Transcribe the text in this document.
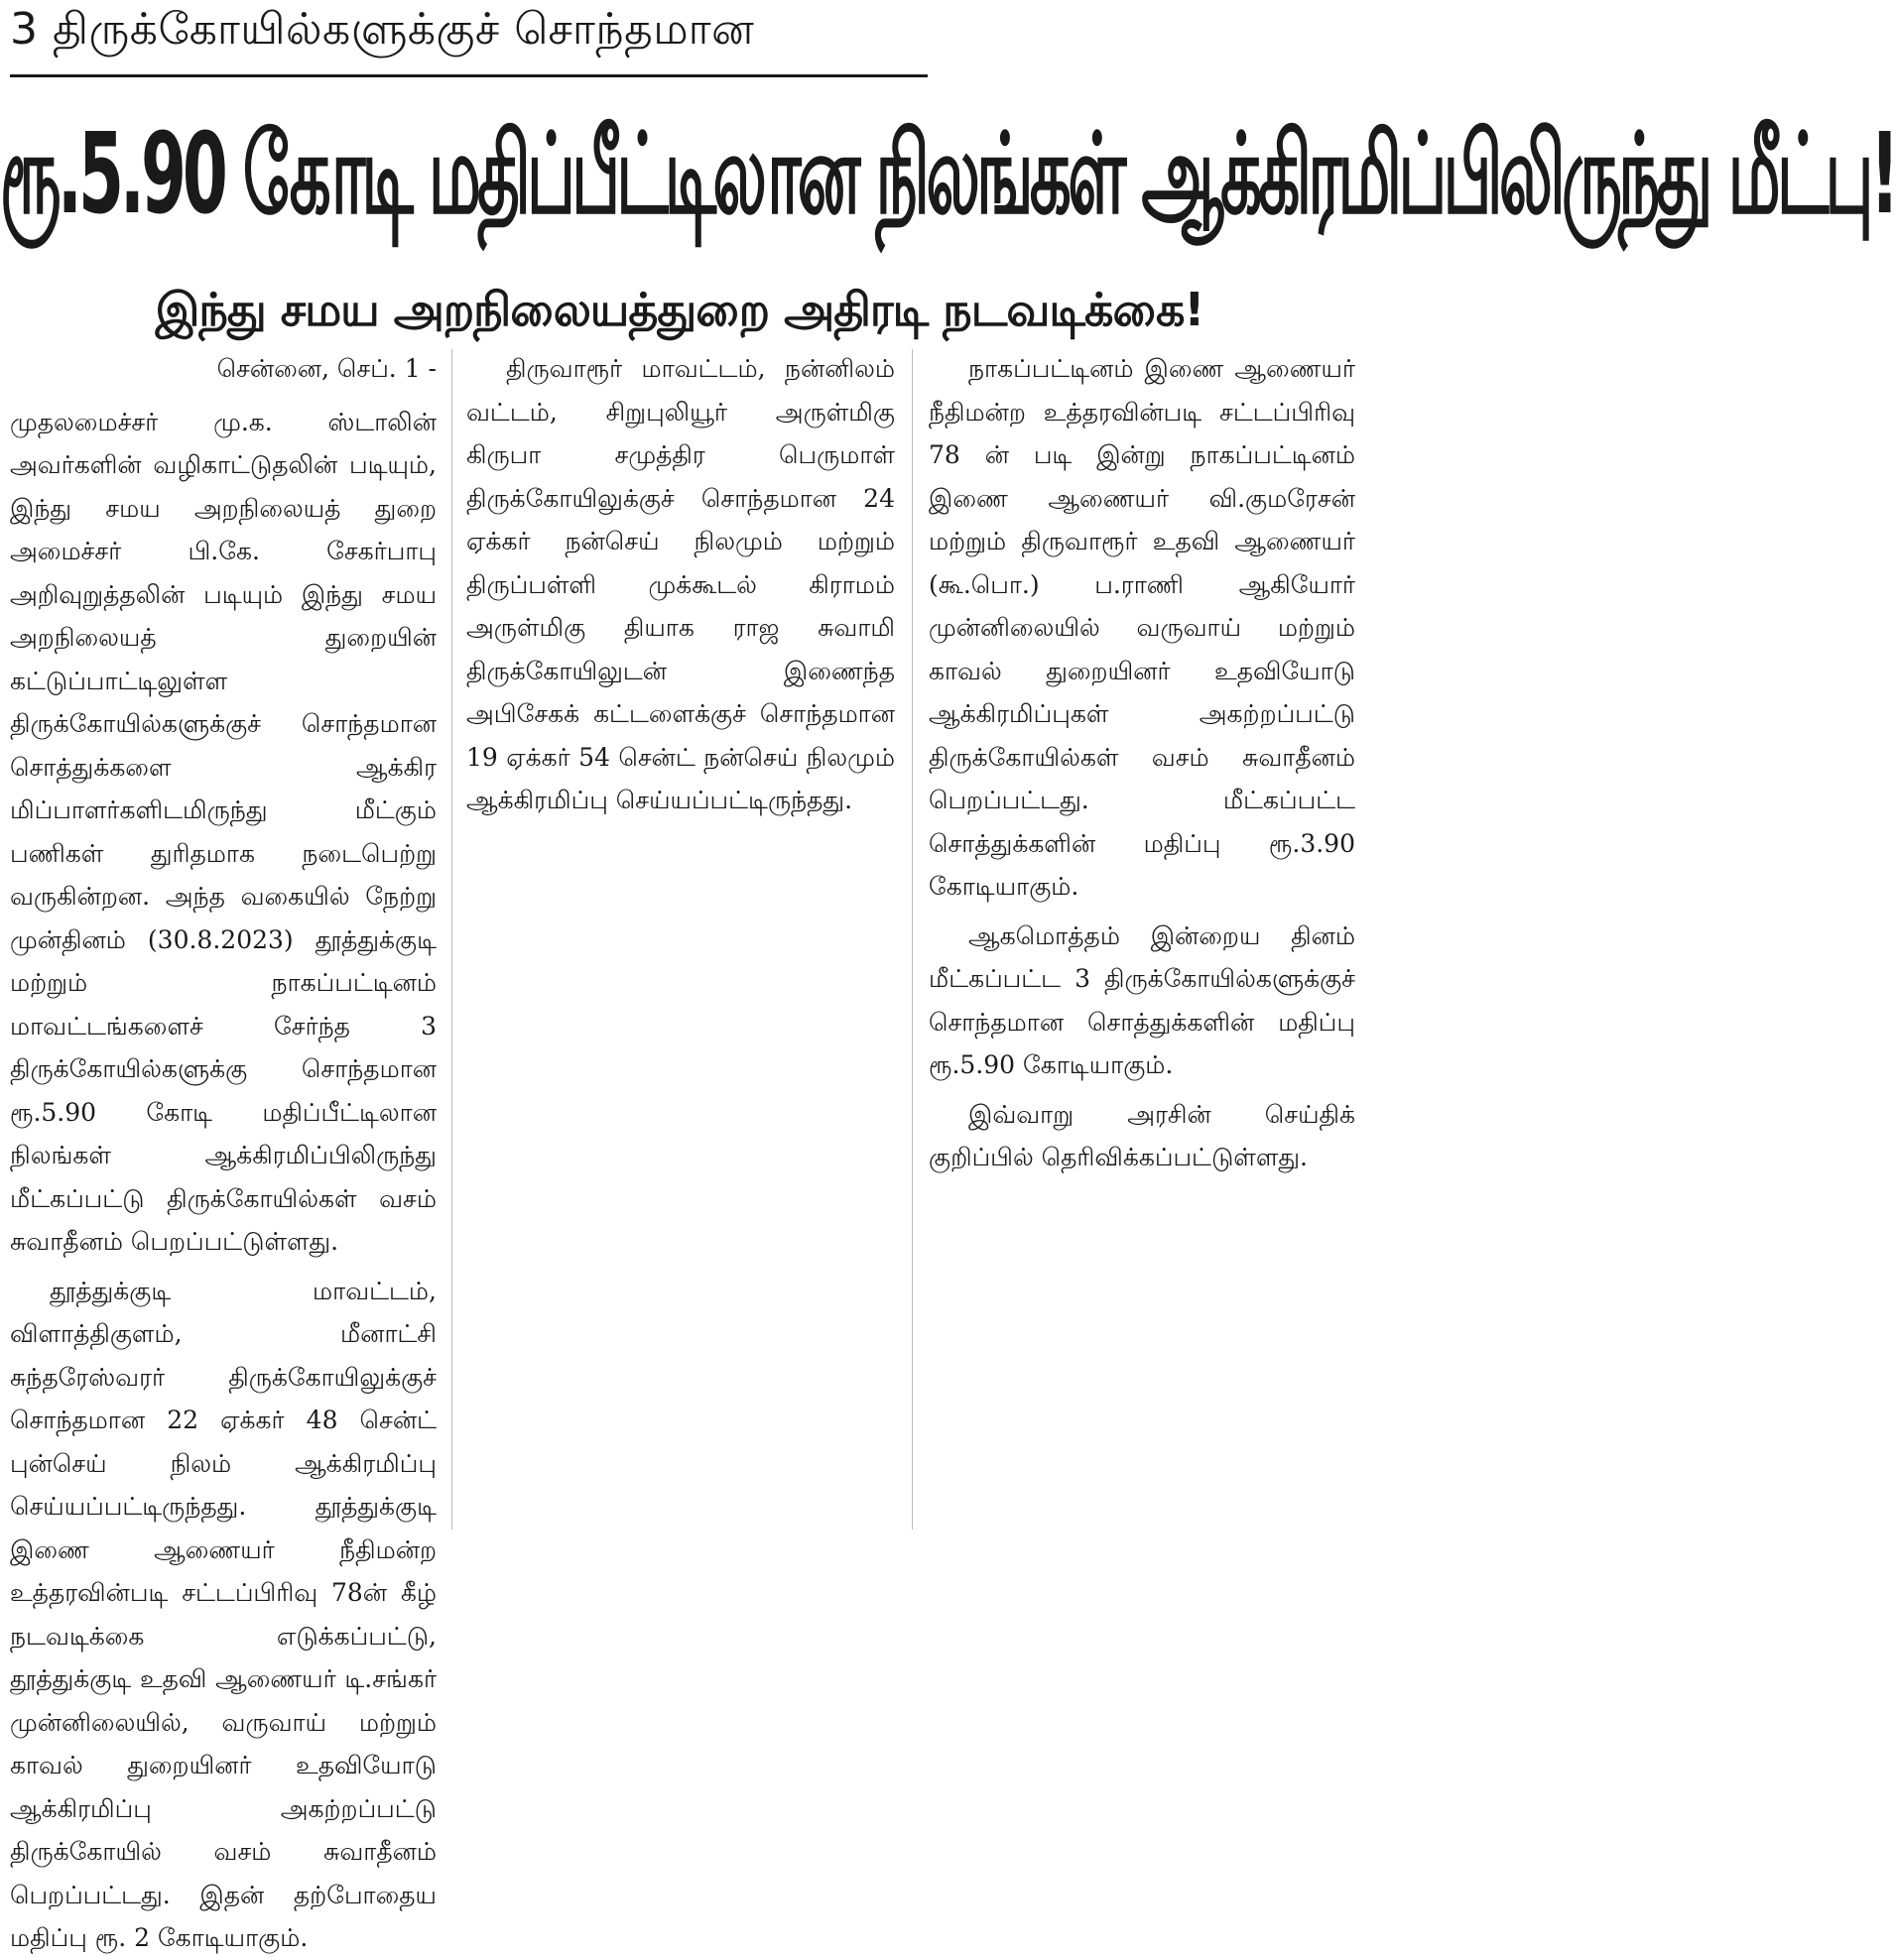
3 திருக்கோயில்களுக்குச் சொந்தமான
ரூ.5.90 கோடி மதிப்பீட்டிலான நிலங்கள் ஆக்கிரமிப்பிலிருந்து மீட்பு!
இந்து சமய அறநிலையத்துறை அதிரடி நடவடிக்கை!
சென்னை, செப். 1 -

முதலமைச்சர் மு.க. ஸ்டாலின் அவர்களின் வழிகாட்டுதலின் படியும், இந்து சமய அறநிலையத் துறை அமைச்சர் பி.கே. சேகர்பாபு அறிவுறுத்தலின் படியும் இந்து சமய அறநிலையத் துறையின் கட்டுப்பாட்டிலுள்ள திருக்கோயில்களுக்குச் சொந்தமான சொத்துக்களை ஆக்கிர மிப்பாளர்களிடமிருந்து மீட்கும் பணிகள் துரிதமாக நடைபெற்று வருகின்றன. அந்த வகையில் நேற்று முன்தினம் (30.8.2023) தூத்துக்குடி மற்றும் நாகப்பட்டினம் மாவட்டங்களைச் சேர்ந்த 3 திருக்கோயில்களுக்கு சொந்தமான ரூ.5.90 கோடி மதிப்பீட்டிலான நிலங்கள் ஆக்கிரமிப்பிலிருந்து மீட்கப்பட்டு திருக்கோயில்கள் வசம் சுவாதீனம் பெறப்பட்டுள்ளது.

தூத்துக்குடி மாவட்டம், விளாத்திகுளம், மீனாட்சி சுந்தரேஸ்வரர் திருக்கோயிலுக்குச் சொந்தமான 22 ஏக்கர் 48 சென்ட் புன்செய் நிலம் ஆக்கிரமிப்பு செய்யப்பட்டிருந்தது. தூத்துக்குடி இணை ஆணையர் நீதிமன்ற உத்தரவின்படி சட்டப்பிரிவு 78ன் கீழ் நடவடிக்கை எடுக்கப்பட்டு, தூத்துக்குடி உதவி ஆணையர் டி.சங்கர் முன்னிலையில், வருவாய் மற்றும் காவல் துறையினர் உதவியோடு ஆக்கிரமிப்பு அகற்றப்பட்டு திருக்கோயில் வசம் சுவாதீனம் பெறப்பட்டது. இதன் தற்போதைய மதிப்பு ரூ. 2 கோடியாகும்.

திருவாரூர் மாவட்டம், நன்னிலம் வட்டம், சிறுபுலியூர் அருள்மிகு கிருபா சமுத்திர பெருமாள் திருக்கோயிலுக்குச் சொந்தமான 24 ஏக்கர் நன்செய் நிலமும் மற்றும் திருப்பள்ளி முக்கூடல் கிராமம் அருள்மிகு தியாக ராஜ சுவாமி திருக்கோயிலுடன் இணைந்த அபிசேகக் கட்டளைக்குச் சொந்தமான 19 ஏக்கர் 54 சென்ட் நன்செய் நிலமும் ஆக்கிரமிப்பு செய்யப்பட்டிருந்தது.

நாகப்பட்டினம் இணை ஆணையர் நீதிமன்ற உத்தரவின்படி சட்டப்பிரிவு 78 ன் படி இன்று நாகப்பட்டினம் இணை ஆணையர் வி.குமரேசன் மற்றும் திருவாரூர் உதவி ஆணையர் (கூ.பொ.) ப.ராணி ஆகியோர் முன்னிலையில் வருவாய் மற்றும் காவல் துறையினர் உதவியோடு ஆக்கிரமிப்புகள் அகற்றப்பட்டு திருக்கோயில்கள் வசம் சுவாதீனம் பெறப்பட்டது. மீட்கப்பட்ட சொத்துக்களின் மதிப்பு ரூ.3.90 கோடியாகும்.

ஆகமொத்தம் இன்றைய தினம் மீட்கப்பட்ட 3 திருக்கோயில்களுக்குச் சொந்தமான சொத்துக்களின் மதிப்பு ரூ.5.90 கோடியாகும்.

இவ்வாறு அரசின் செய்திக் குறிப்பில் தெரிவிக்கப்பட்டுள்ளது.
